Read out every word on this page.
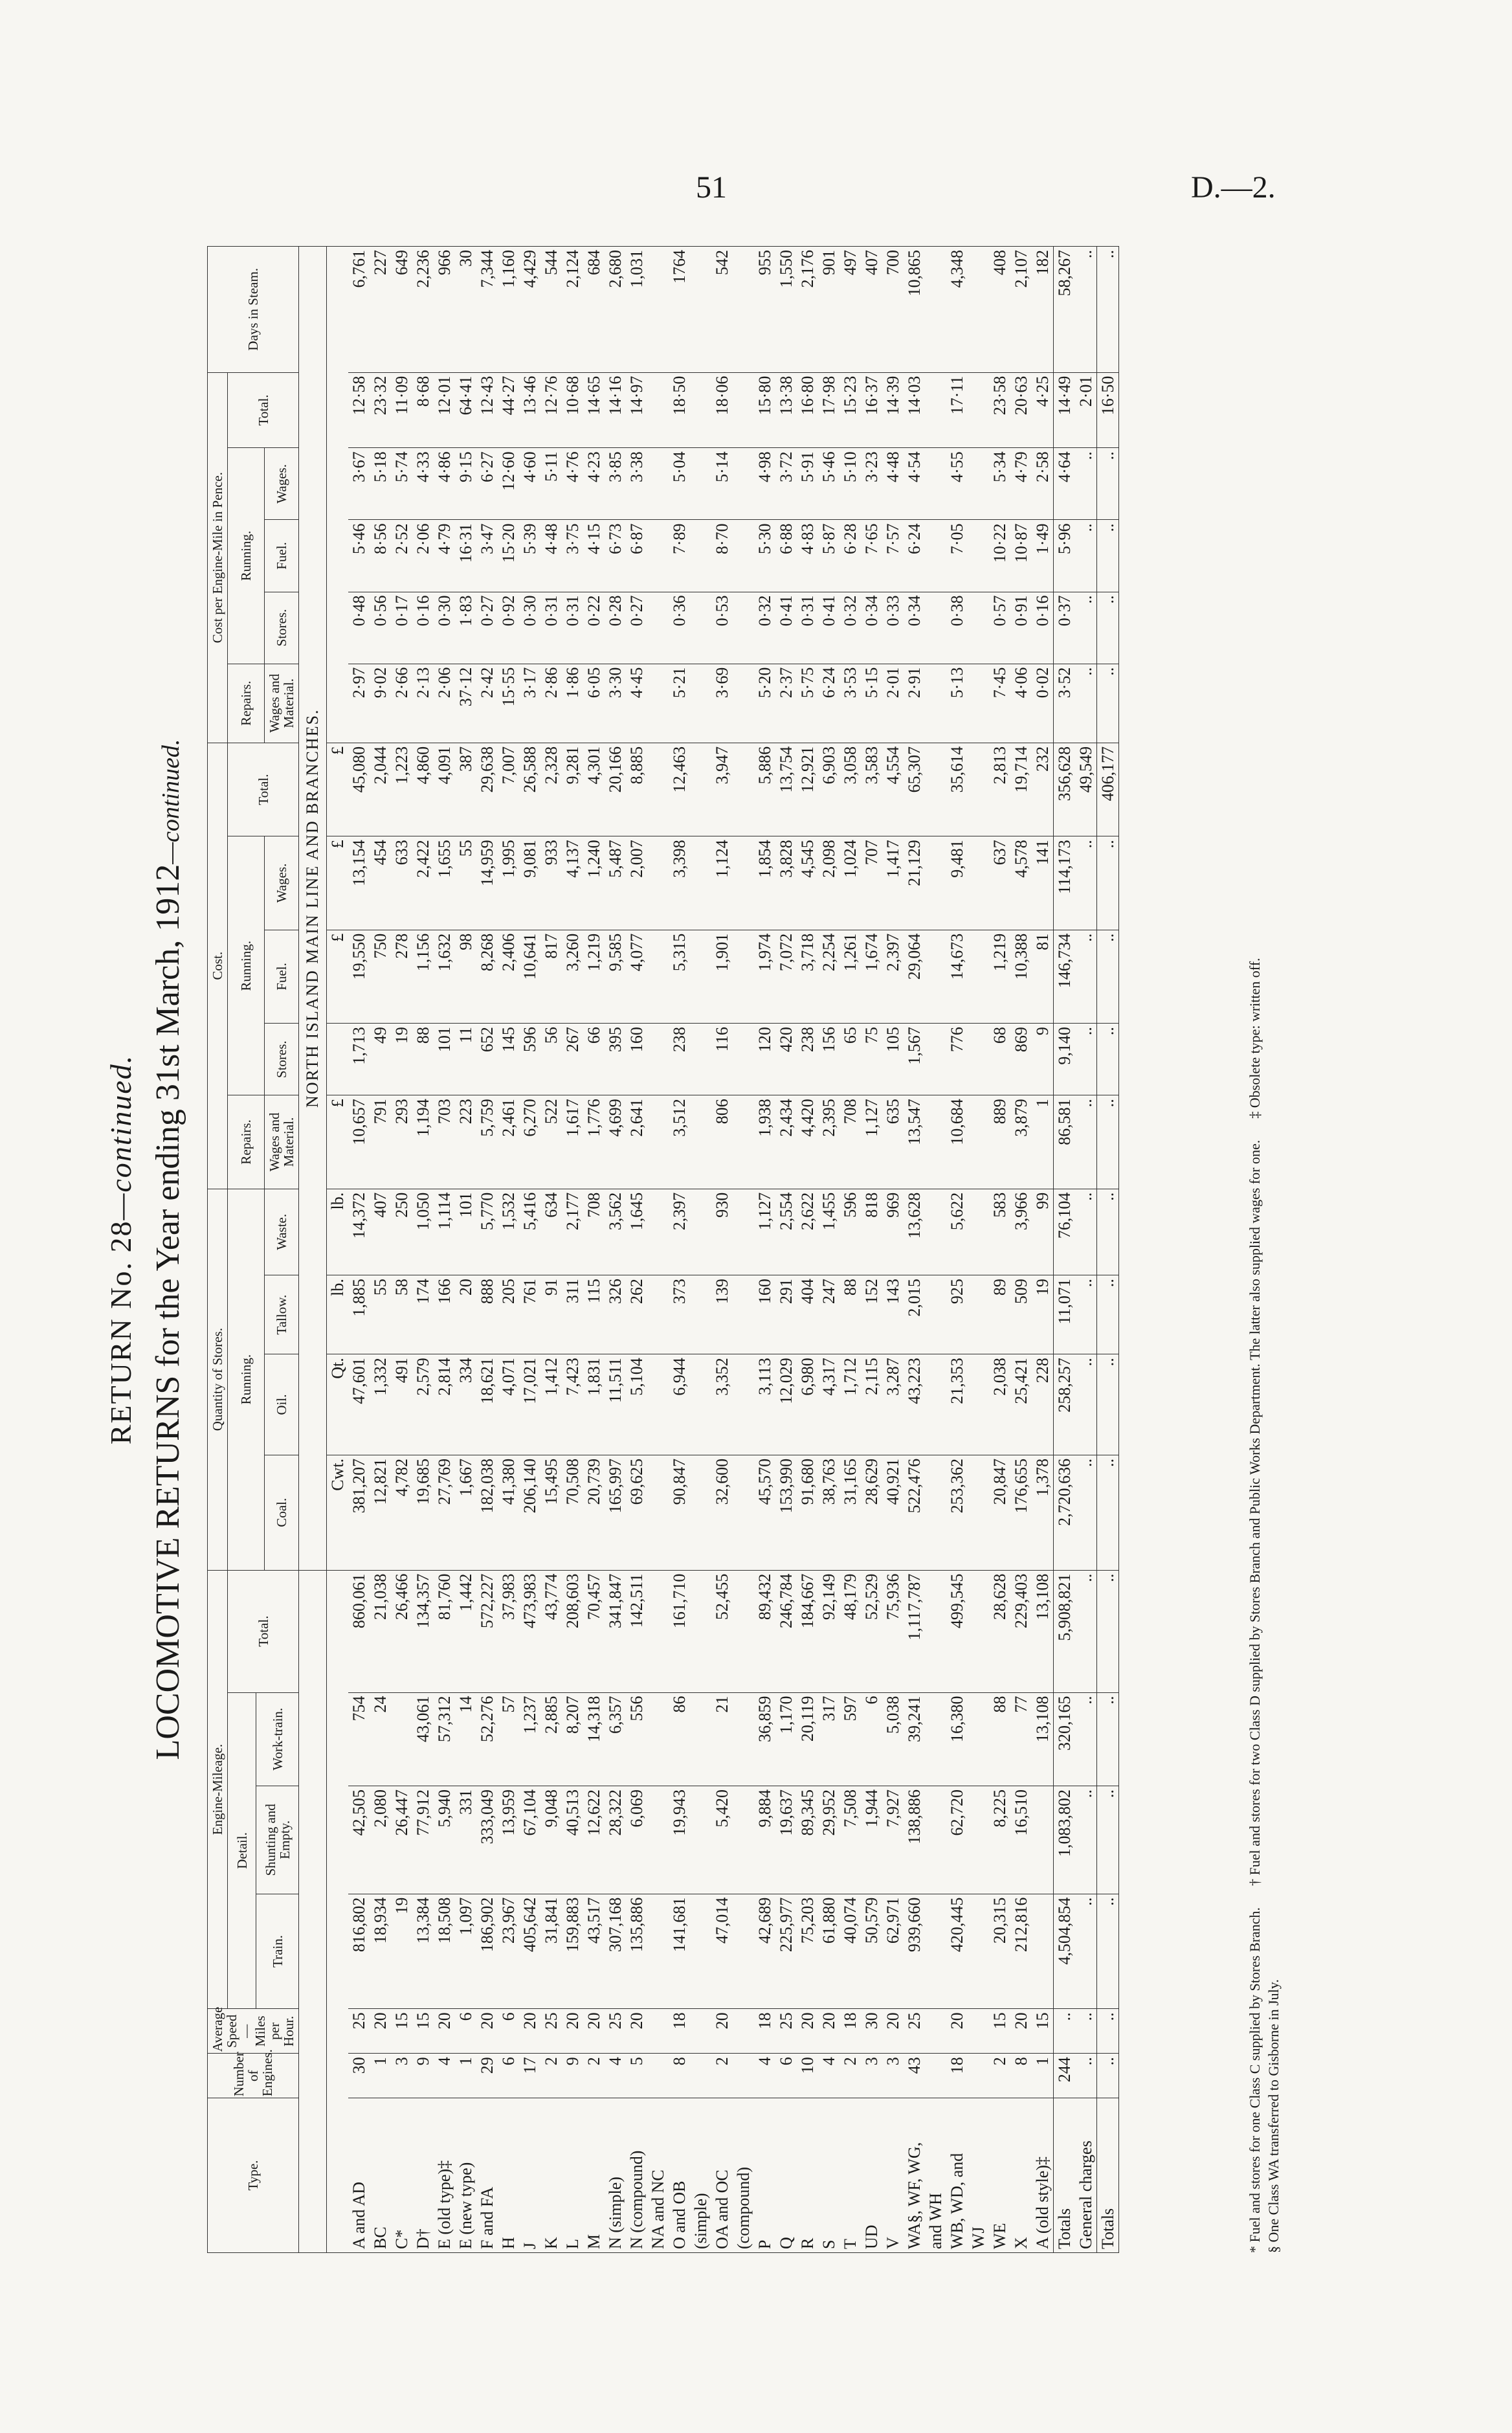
51	D.—2.
RETURN No. 28—continued. LOCOMOTIVE RETURNS for the Year ending 31st March, 1912—continued.
Type.	Number of Engines.	Average Speed—Miles per Hour.	Engine-Mileage.				Quantity of Stores.				Cost.					Cost per Engine-Mile in Pence.					Days in Steam.
			Detail.			Total.	Running.				Repairs.	Running.			Total.	Repairs.	Running.			Total.	
			Train.	Shunting and Empty.	Work-train.																
							Coal.	Oil.	Tallow.	Waste.	Wages and Material.	Stores.	Fuel.	Wages.		Wages and Material.	Stores.	Fuel.	Wages.		
							NORTH ISLAND MAIN LINE AND BRANCHES.														
							Cwt.	Qt.	lb.	lb.	£		£	£	£						
A and AD	30	25	816,802	42,505	754	860,061	381,207	47,601	1,885	14,372	10,657	1,713	19,550	13,154	45,080	2·97	0·48	5·46	3·67	12·58	6,761
BC	1	20	18,934	2,080	24	21,038	12,821	1,332	55	407	791	49	750	454	2,044	9·02	0·56	8·56	5·18	23·32	227
C*	3	15	19	26,447		26,466	4,782	491	58	250	293	19	278	633	1,223	2·66	0·17	2·52	5·74	11·09	649
D†	9	15	13,384	77,912	43,061	134,357	19,685	2,579	174	1,050	1,194	88	1,156	2,422	4,860	2·13	0·16	2·06	4·33	8·68	2,236
E (old type)‡	4	20	18,508	5,940	57,312	81,760	27,769	2,814	166	1,114	703	101	1,632	1,655	4,091	2·06	0·30	4·79	4·86	12·01	966
E (new type)	1	6	1,097	331	14	1,442	1,667	334	20	101	223	11	98	55	387	37·12	1·83	16·31	9·15	64·41	30
F and FA	29	20	186,902	333,049	52,276	572,227	182,038	18,621	888	5,770	5,759	652	8,268	14,959	29,638	2·42	0·27	3·47	6·27	12·43	7,344
H	6	6	23,967	13,959	57	37,983	41,380	4,071	205	1,532	2,461	145	2,406	1,995	7,007	15·55	0·92	15·20	12·60	44·27	1,160
J	17	20	405,642	67,104	1,237	473,983	206,140	17,021	761	5,416	6,270	596	10,641	9,081	26,588	3·17	0·30	5·39	4·60	13·46	4,429
K	2	25	31,841	9,048	2,885	43,774	15,495	1,412	91	634	522	56	817	933	2,328	2·86	0·31	4·48	5·11	12·76	544
L	9	20	159,883	40,513	8,207	208,603	70,508	7,423	311	2,177	1,617	267	3,260	4,137	9,281	1·86	0·31	3·75	4·76	10·68	2,124
M	2	20	43,517	12,622	14,318	70,457	20,739	1,831	115	708	1,776	66	1,219	1,240	4,301	6·05	0·22	4·15	4·23	14·65	684
N (simple)	4	25	307,168	28,322	6,357	341,847	165,997	11,511	326	3,562	4,699	395	9,585	5,487	20,166	3·30	0·28	6·73	3·85	14·16	2,680
N (compound)	5	20	135,886	6,069	556	142,511	69,625	5,104	262	1,645	2,641	160	4,077	2,007	8,885	4·45	0·27	6·87	3·38	14·97	1,031
NA and NC																					
O and OB	8	18	141,681	19,943	86	161,710	90,847	6,944	373	2,397	3,512	238	5,315	3,398	12,463	5·21	0·36	7·89	5·04	18·50	1764
(simple)																					
OA and OC	2	20	47,014	5,420	21	52,455	32,600	3,352	139	930	806	116	1,901	1,124	3,947	3·69	0·53	8·70	5·14	18·06	542
(compound)																					
P	4	18	42,689	9,884	36,859	89,432	45,570	3,113	160	1,127	1,938	120	1,974	1,854	5,886	5·20	0·32	5·30	4·98	15·80	955
Q	6	25	225,977	19,637	1,170	246,784	153,990	12,029	291	2,554	2,434	420	7,072	3,828	13,754	2·37	0·41	6·88	3·72	13·38	1,550
R	10	20	75,203	89,345	20,119	184,667	91,680	6,980	404	2,622	4,420	238	3,718	4,545	12,921	5·75	0·31	4·83	5·91	16·80	2,176
S	4	20	61,880	29,952	317	92,149	38,763	4,317	247	1,455	2,395	156	2,254	2,098	6,903	6·24	0·41	5·87	5·46	17·98	901
T	2	18	40,074	7,508	597	48,179	31,165	1,712	88	596	708	65	1,261	1,024	3,058	3·53	0·32	6·28	5·10	15·23	497
UD	3	30	50,579	1,944	6	52,529	28,629	2,115	152	818	1,127	75	1,674	707	3,583	5·15	0·34	7·65	3·23	16·37	407
V	3	20	62,971	7,927	5,038	75,936	40,921	3,287	143	969	635	105	2,397	1,417	4,554	2·01	0·33	7·57	4·48	14·39	700
WA§, WF, WG,	43	25	939,660	138,886	39,241	1,117,787	522,476	43,223	2,015	13,628	13,547	1,567	29,064	21,129	65,307	2·91	0·34	6·24	4·54	14·03	10,865
and WH																					
WB, WD, and	18	20	420,445	62,720	16,380	499,545	253,362	21,353	925	5,622	10,684	776	14,673	9,481	35,614	5·13	0·38	7·05	4·55	17·11	4,348
WJ																					
WE	2	15	20,315	8,225	88	28,628	20,847	2,038	89	583	889	68	1,219	637	2,813	7·45	0·57	10·22	5·34	23·58	408
X	8	20	212,816	16,510	77	229,403	176,655	25,421	509	3,966	3,879	869	10,388	4,578	19,714	4·06	0·91	10·87	4·79	20·63	2,107
A (old style)‡	1	15			13,108	13,108	1,378	228	19	99	1	9	81	141	232	0·02	0·16	1·49	2·58	4·25	182
Totals	244	..	4,504,854	1,083,802	320,165	5,908,821	2,720,636	258,257	11,071	76,104	86,581	9,140	146,734	114,173	356,628	3·52	0·37	5·96	4·64	14·49	58,267
General charges	..	..	..	..	..	..	..	..	..	..	..	..	..	..	49,549	..	..	..	..	2·01	..
Totals	..	..	..	..	..	..	..	..	..	..	..	..	..	..	406,177	..	..	..	..	16·50	..
* Fuel and stores for one Class C supplied by Stores Branch.      † Fuel and stores for two Class D supplied by Stores Branch and Public Works Department. The latter also supplied wages for one.      ‡ Obsolete type: written off.
§ One Class WA transferred to Gisborne in July.
